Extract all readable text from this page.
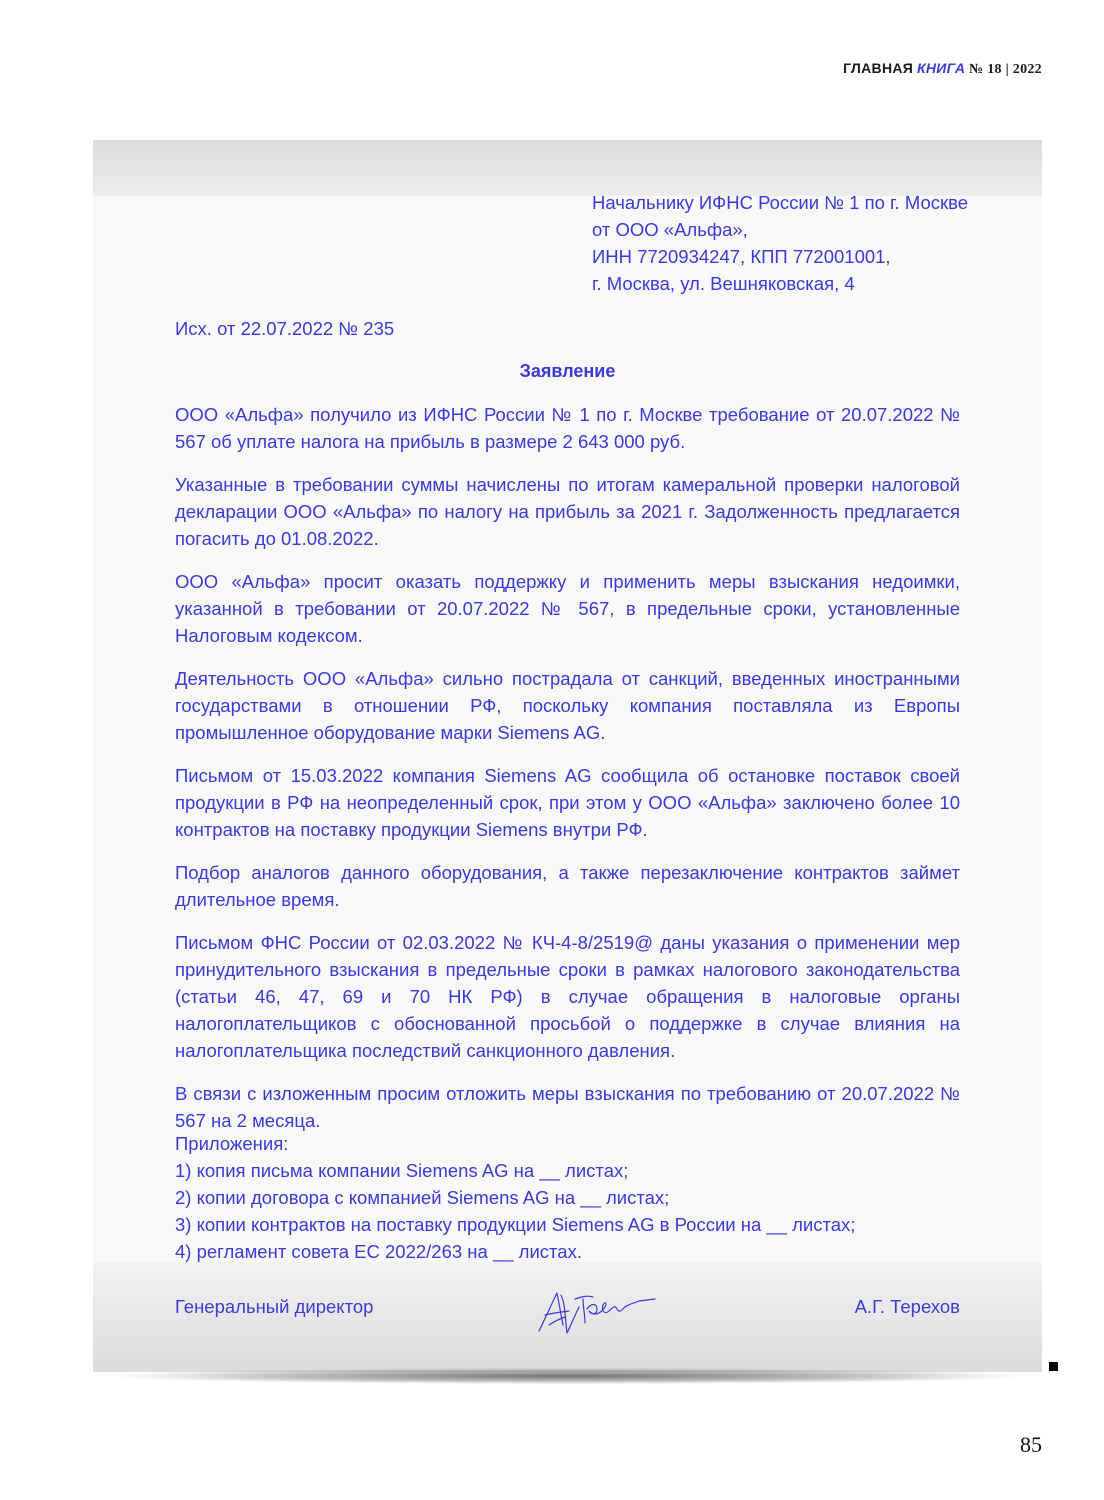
ГЛАВНАЯ КНИГА № 18 | 2022
Начальнику ИФНС России № 1 по г. Москве
от ООО «Альфа»,
ИНН 7720934247, КПП 772001001,
г. Москва, ул. Вешняковская, 4
Исх. от 22.07.2022 № 235
Заявление

ООО «Альфа» получило из ИФНС России № 1 по г. Москве требование от 20.07.2022 № 567 об уплате налога на прибыль в размере 2 643 000 руб.

Указанные в требовании суммы начислены по итогам камеральной проверки налоговой декларации ООО «Альфа» по налогу на прибыль за 2021 г. Задолженность предлагается погасить до 01.08.2022.

ООО «Альфа» просит оказать поддержку и применить меры взыскания недоимки, указанной в требовании от 20.07.2022 № 567, в предельные сроки, установленные Налоговым кодексом.

Деятельность ООО «Альфа» сильно пострадала от санкций, введенных иностранными государствами в отношении РФ, поскольку компания поставляла из Европы промышленное оборудование марки Siemens AG.

Письмом от 15.03.2022 компания Siemens AG сообщила об остановке поставок своей продукции в РФ на неопределенный срок, при этом у ООО «Альфа» заключено более 10 контрактов на поставку продукции Siemens внутри РФ.

Подбор аналогов данного оборудования, а также перезаключение контрактов займет длительное время.

Письмом ФНС России от 02.03.2022 № КЧ-4-8/2519@ даны указания о применении мер принудительного взыскания в предельные сроки в рамках налогового законодательства (статьи 46, 47, 69 и 70 НК РФ) в случае обращения в налоговые органы налогоплательщиков с обоснованной просьбой о поддержке в случае влияния на налогоплательщика последствий санкционного давления.

В связи с изложенным просим отложить меры взыскания по требованию от 20.07.2022 № 567 на 2 месяца.

Приложения:
1) копия письма компании Siemens AG на __ листах;
2) копии договора с компанией Siemens AG на __ листах;
3) копии контрактов на поставку продукции Siemens AG в России на __ листах;
4) регламент совета ЕС 2022/263 на __ листах.
Генеральный директор	А.Г. Терехов
85
